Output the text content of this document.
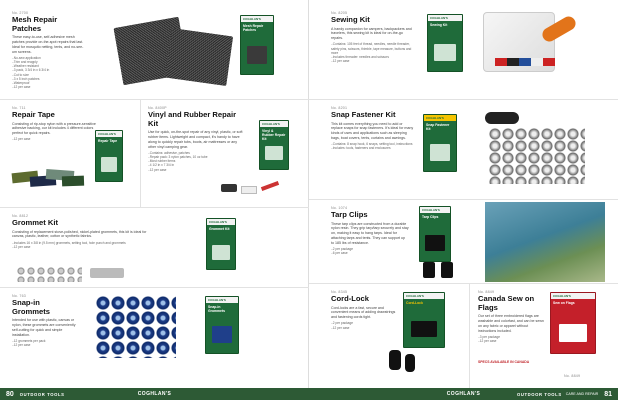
No. 2700
Mesh Repair Patches
These easy-to-use, self-adhesive mesh patches provide on-the-spot repairs that last. Ideal for mosquito netting, tents, and no-see-um screens.
– No-sew application
– Trim and reapply
– Weather resistant
– 3 pack, 3 3/4 in x 6 3/4 in
– Cut to size
– 3 x 5 inch patches
– Waterproof
– 12 per case
COGHLAN'S
Mesh Repair Patches
No. 711
Repair Tape
Consisting of rip-stop nylon with a pressure-sensitive adhesive backing, our kit includes 4 different colors perfect for quick repairs.
– 12 per case
COGHLAN'S
Repair Tape
No. 8400P
Vinyl and Rubber Repair Kit
Use for quick, on-the-spot repair of any vinyl, plastic, or soft rubber items. Lightweight and compact, it's handy to have along to quickly repair tubs, boots, air mattresses or any other vinyl camping gear.
– Contains: adhesive, patches
– Repair pack: 3 nylon patches, 10 oz tube
– Most rubber items
– 4 1/2 in x 7 3/4 in
– 12 per case
COGHLAN'S
Vinyl & Rubber Repair Kit
No. 8812
Grommet Kit
Consisting of replacement stove-polished, nickel-plated grommets, this kit is ideal for canvas, plastic, leather, cotton or synthetic fabrics.
– Includes 16 x 3/8 in (9.5 mm) grommets, setting tool, hole punch and grommets
– 12 per case
COGHLAN'S
Grommet Kit
No. 763
Snap-in Grommets
Intended for use with plastic, canvas or nylon, these grommets are conveniently self-cutting for quick and simple installation.
– 12 grommets per pack
– 12 per case
COGHLAN'S
Snap-in Grommets
80	OUTDOOR TOOLS	COGHLAN'S
No. 8205
Sewing Kit
A handy companion for campers, backpackers and travelers, this sewing kit is ideal for on-the-go repairs.
– Contains: 105 feet of thread, needles, needle threader, safety pins, scissors, thimble, tape measure, buttons and more
– Includes threader: needles and scissors
– 12 per case
COGHLAN'S
Sewing Kit
No. 8201
Snap Fastener Kit
This kit comes everything you need to add or replace snaps for snap fasteners. It's ideal for many kinds of uses and applications such as sleeping bags, boat covers, tents, curtains and awnings.
– Contains: 8 snap hook, 6 snaps, setting tool, instructions
– Includes: tools, fasteners and enclosures
COGHLAN'S
Snap Fastener Kit
No. 1074
Tarp Clips
These tarp clips are constructed from a durable nylon resin. They grip tarp/tarp securely and stay on, making it easy to hang tarps. Ideal for attaching tarps and tents. They can support up to 185 lbs of resistance.
– 2 per package
– 6 per case
COGHLAN'S
Tarp Clips
No. 8345
Cord-Lock
Cord-locks are a fast, secure and convenient means of adding drawstrings and fastening cords tight.
– 2 per package
– 12 per case
COGHLAN'S
Cord-Lock
No. 8849
Canada Sew on Flags
Our set of three embroidered flags are washable and colorfast, and can be sewn on any fabric or apparel without instructions included.
– 3 per package
– 12 per case
COGHLAN'S
Sew on Flags
SPECS AVAILABLE IN CANADA
No. 8849
COGHLAN'S	OUTDOOR TOOLS CARE AND REPAIR 81
